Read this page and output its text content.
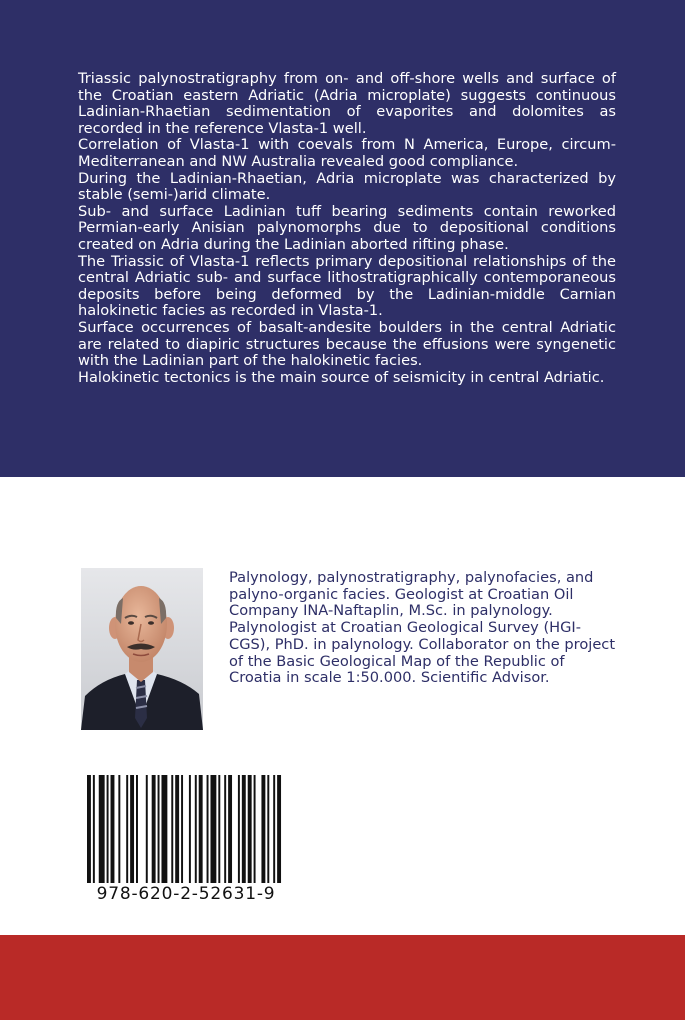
Triassic palynostratigraphy from on- and off-shore wells and surface of the Croatian eastern Adriatic (Adria microplate) suggests continuous Ladinian-Rhaetian sedimentation of evaporites and dolomites as recorded in the reference Vlasta-1 well.

Correlation of Vlasta-1 with coevals from N America, Europe, circum-Mediterranean and NW Australia revealed good compliance.

During the Ladinian-Rhaetian, Adria microplate was characterized by stable (semi-)arid climate.

Sub- and surface Ladinian tuff bearing sediments contain reworked Permian-early Anisian palynomorphs due to depositional conditions created on Adria during the Ladinian aborted rifting phase.

The Triassic of Vlasta-1 reflects primary depositional relationships of the central Adriatic sub- and surface lithostratigraphically contemporaneous deposits before being deformed by the Ladinian-middle Carnian halokinetic facies as recorded in Vlasta-1.

Surface occurrences of basalt-andesite boulders in the central Adriatic are related to diapiric structures because the effusions were syngenetic with the Ladinian part of the halokinetic facies.

Halokinetic tectonics is the main source of seismicity in central Adriatic.

Palynology, palynostratigraphy, palynofacies, and palyno-organic facies. Geologist at Croatian Oil Company INA-Naftaplin, M.Sc. in palynology. Palynologist at Croatian Geological Survey (HGI-CGS), PhD. in palynology. Collaborator on the project of the Basic Geological Map of the Republic of Croatia in scale 1:50.000. Scientific Advisor.
978-620-2-52631-9
